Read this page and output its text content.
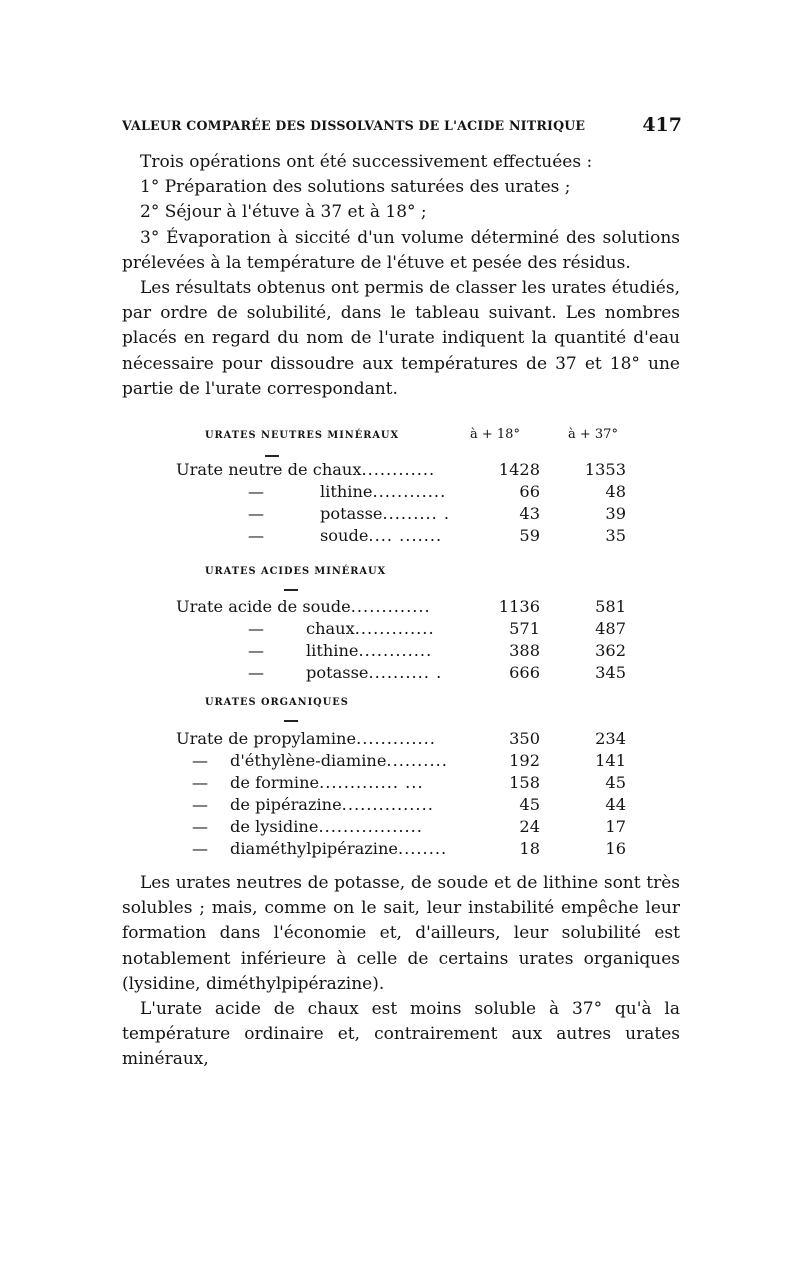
VALEUR COMPARÉE DES DISSOLVANTS DE L'ACIDE NITRIQUE	417

Trois opérations ont été successivement effectuées :

1° Préparation des solutions saturées des urates ;

2° Séjour à l'étuve à 37 et à 18° ;

3° Évaporation à siccité d'un volume déterminé des solutions prélevées à la température de l'étuve et pesée des résidus.

Les résultats obtenus ont permis de classer les urates étudiés, par ordre de solubilité, dans le tableau suivant. Les nombres placés en regard du nom de l'urate indiquent la quantité d'eau nécessaire pour dissoudre aux températures de 37 et 18° une partie de l'urate correspondant.

à + 18°	à + 37°
URATES NEUTRES MINÉRAUX
Urate neutre de chaux............	1428	1353
—	lithine............	66	48
—	potasse......... .	43	39
—	soude.... .......	59	35
URATES ACIDES MINÉRAUX
Urate acide de soude.............	1136	581
—	chaux.............	571	487
—	lithine............	388	362
—	potasse.......... .	666	345
URATES ORGANIQUES
Urate de propylamine.............	350	234
— d'éthylène-diamine..........	192	141
— de formine............. ...	158	45
— de pipérazine...............	45	44
— de lysidine.................	24	17
— diaméthylpipérazine........	18	16

Les urates neutres de potasse, de soude et de lithine sont très solubles ; mais, comme on le sait, leur instabilité empêche leur formation dans l'économie et, d'ailleurs, leur solubilité est notablement inférieure à celle de certains urates organiques (lysidine, diméthylpipérazine).

L'urate acide de chaux est moins soluble à 37° qu'à la température ordinaire et, contrairement aux autres urates minéraux,
